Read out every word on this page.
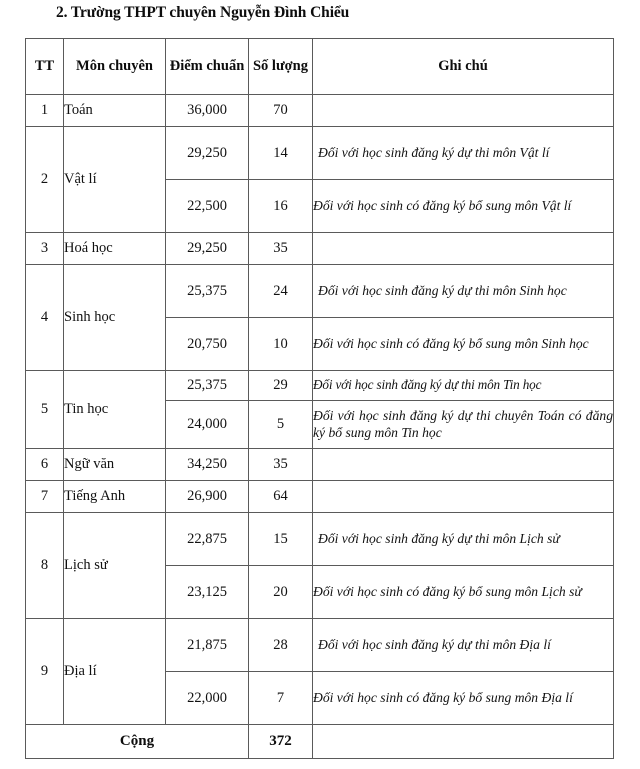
2. Trường THPT chuyên Nguyễn Đình Chiểu
TT	Môn chuyên	Điểm chuẩn	Số lượng	Ghi chú
1	Toán	36,000	70	
2	Vật lí	29,250	14	Đối với học sinh đăng ký dự thi môn Vật lí
		22,500	16	Đối với học sinh có đăng ký bổ sung môn Vật lí
3	Hoá học	29,250	35	
4	Sinh học	25,375	24	Đối với học sinh đăng ký dự thi môn Sinh học
		20,750	10	Đối với học sinh có đăng ký bổ sung môn Sinh học
5	Tin học	25,375	29	Đối với học sinh đăng ký dự thi môn Tin học
		24,000	5	Đối với học sinh đăng ký dự thi chuyên Toán có đăng ký bổ sung môn Tin học
6	Ngữ văn	34,250	35	
7	Tiếng Anh	26,900	64	
8	Lịch sử	22,875	15	Đối với học sinh đăng ký dự thi môn Lịch sử
		23,125	20	Đối với học sinh có đăng ký bổ sung môn Lịch sử
9	Địa lí	21,875	28	Đối với học sinh đăng ký dự thi môn Địa lí
		22,000	7	Đối với học sinh có đăng ký bổ sung môn Địa lí
Cộng			372	
